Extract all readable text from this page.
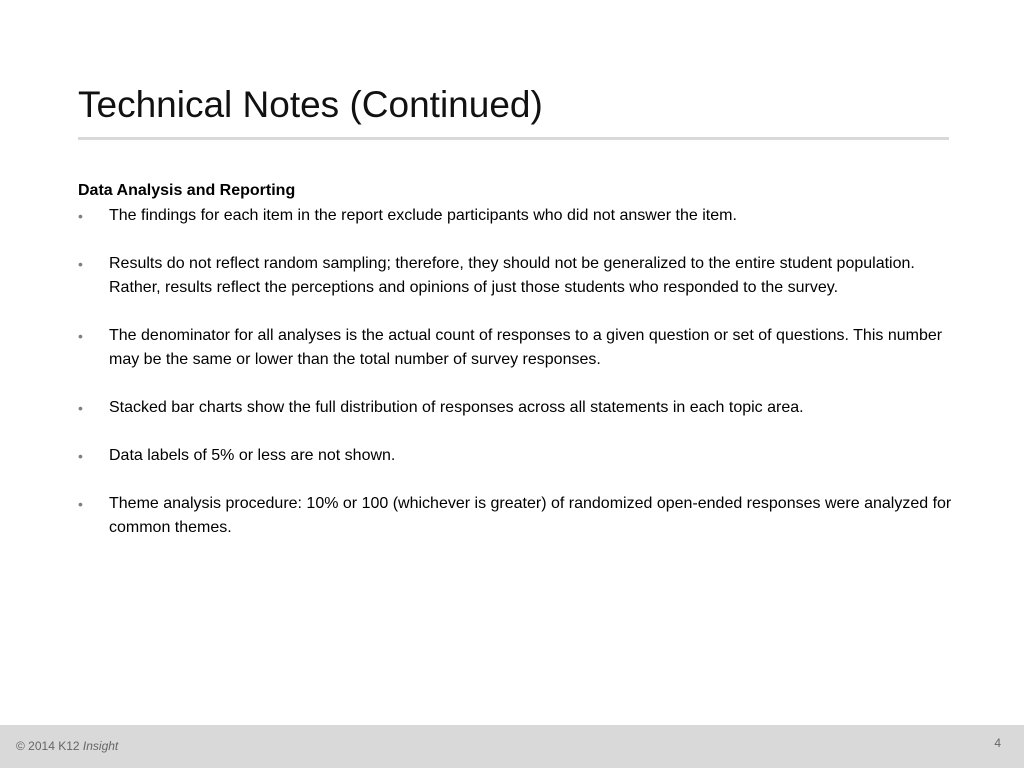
Technical Notes (Continued)
Data Analysis and Reporting
• The findings for each item in the report exclude participants who did not answer the item.
• Results do not reflect random sampling; therefore, they should not be generalized to the entire student population. Rather, results reflect the perceptions and opinions of just those students who responded to the survey.
• The denominator for all analyses is the actual count of responses to a given question or set of questions. This number may be the same or lower than the total number of survey responses.
• Stacked bar charts show the full distribution of responses across all statements in each topic area.
• Data labels of 5% or less are not shown.
• Theme analysis procedure: 10% or 100 (whichever is greater) of randomized open-ended responses were analyzed for common themes.
© 2014 K12 Insight	4
